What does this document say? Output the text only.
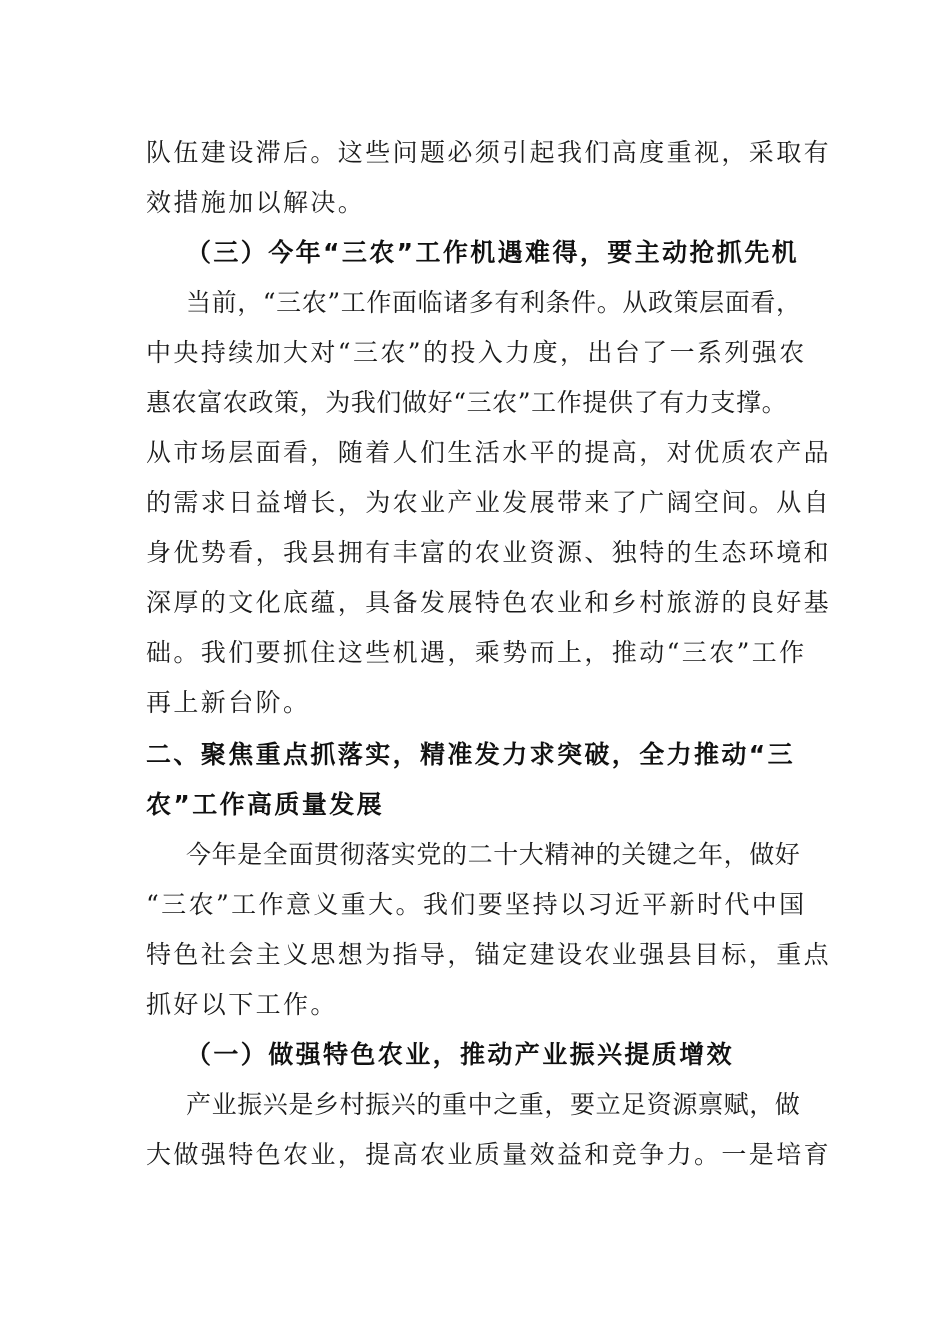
队伍建设滞后。这些问题必须引起我们高度重视，采取有
效措施加以解决。
（三）今年“三农”工作机遇难得，要主动抢抓先机
当前，“三农”工作面临诸多有利条件。从政策层面看，
中央持续加大对“三农”的投入力度，出台了一系列强农
惠农富农政策，为我们做好“三农”工作提供了有力支撑。
从市场层面看，随着人们生活水平的提高，对优质农产品
的需求日益增长，为农业产业发展带来了广阔空间。从自
身优势看，我县拥有丰富的农业资源、独特的生态环境和
深厚的文化底蕴，具备发展特色农业和乡村旅游的良好基
础。我们要抓住这些机遇，乘势而上，推动“三农”工作
再上新台阶。
二、聚焦重点抓落实，精准发力求突破，全力推动“三
农”工作高质量发展
今年是全面贯彻落实党的二十大精神的关键之年，做好
“三农”工作意义重大。我们要坚持以习近平新时代中国
特色社会主义思想为指导，锚定建设农业强县目标，重点
抓好以下工作。
（一）做强特色农业，推动产业振兴提质增效
产业振兴是乡村振兴的重中之重，要立足资源禀赋，做
大做强特色农业，提高农业质量效益和竞争力。一是培育
